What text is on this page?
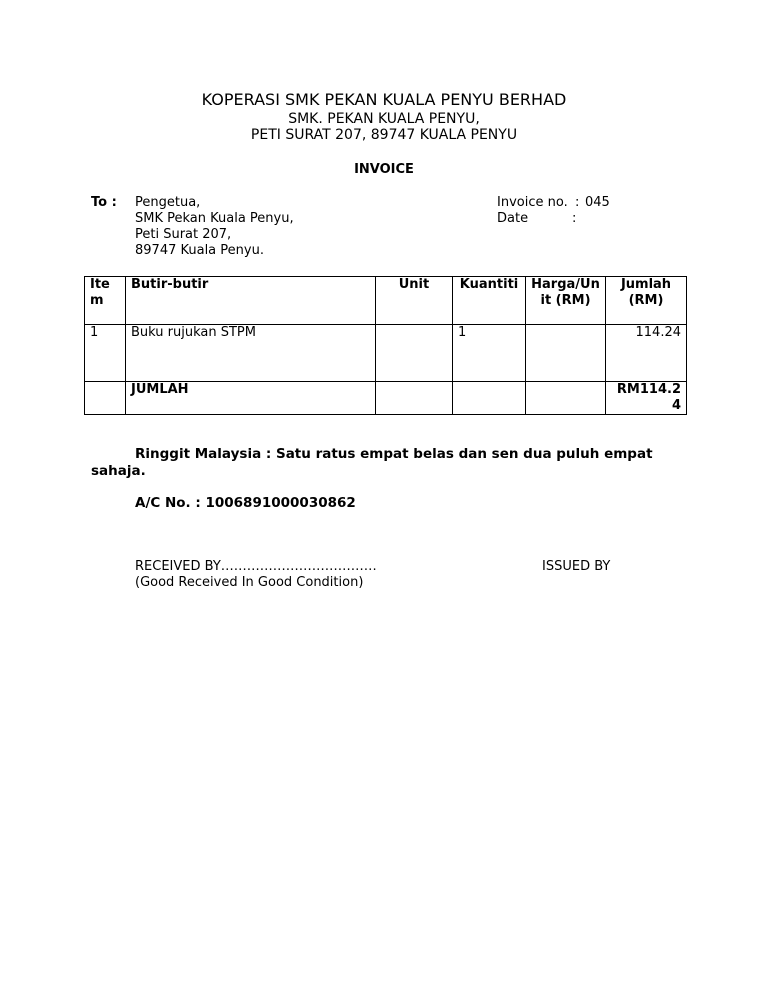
KOPERASI SMK PEKAN KUALA PENYU BERHAD
SMK. PEKAN KUALA PENYU,
PETI SURAT 207, 89747 KUALA PENYU
INVOICE
To : Pengetua,
SMK Pekan Kuala Penyu,
Peti Surat 207,
89747 Kuala Penyu.
Invoice no. : 045
Date	:
Item	Butir-butir	Unit	Kuantiti	Harga/Unit (RM)	Jumlah (RM)
1	Buku rujukan STPM		1		114.24
	JUMLAH				RM114.24
Ringgit Malaysia : Satu ratus empat belas dan sen dua puluh empat sahaja.
A/C No. : 1006891000030862
RECEIVED BY………………………………
(Good Received In Good Condition)
ISSUED BY
